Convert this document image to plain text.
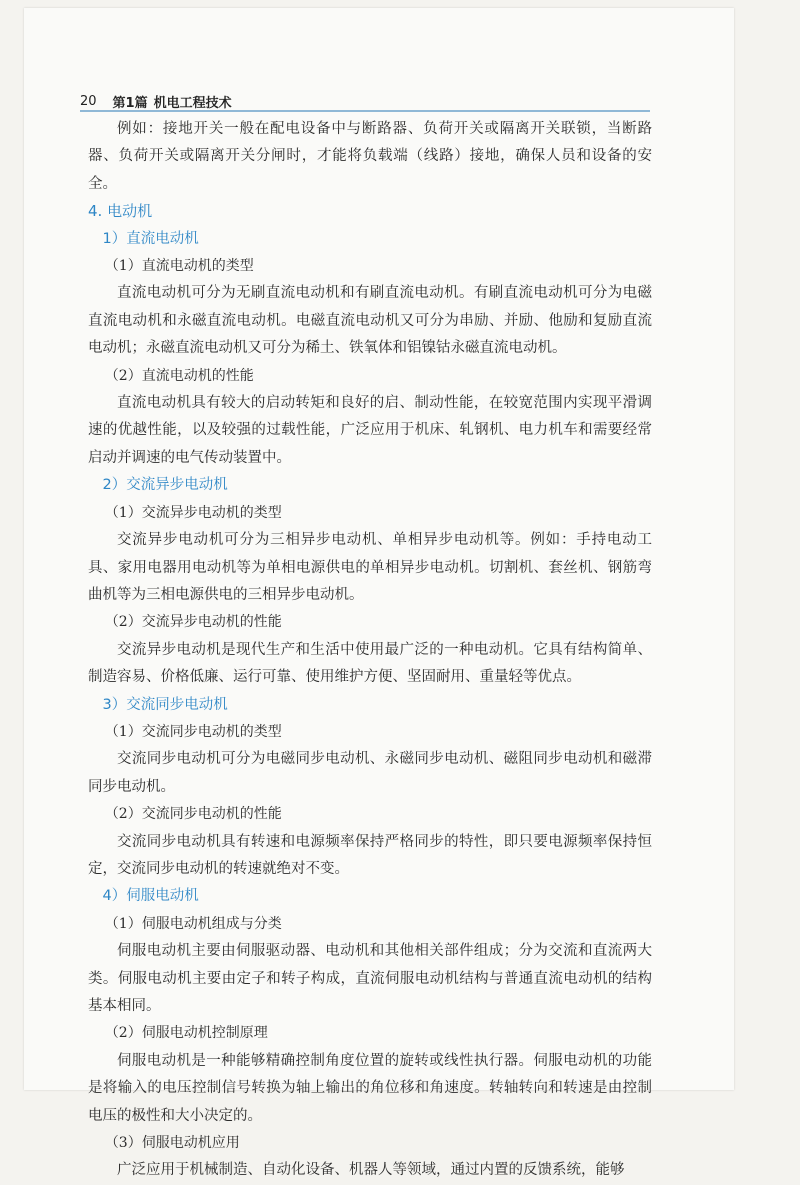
20 第1篇 机电工程技术
例如：接地开关一般在配电设备中与断路器、负荷开关或隔离开关联锁，当断路器、负荷开关或隔离开关分闸时，才能将负载端（线路）接地，确保人员和设备的安全。
4. 电动机
1）直流电动机
（1）直流电动机的类型
直流电动机可分为无刷直流电动机和有刷直流电动机。有刷直流电动机可分为电磁直流电动机和永磁直流电动机。电磁直流电动机又可分为串励、并励、他励和复励直流电动机；永磁直流电动机又可分为稀土、铁氧体和铝镍钴永磁直流电动机。
（2）直流电动机的性能
直流电动机具有较大的启动转矩和良好的启、制动性能，在较宽范围内实现平滑调速的优越性能，以及较强的过载性能，广泛应用于机床、轧钢机、电力机车和需要经常启动并调速的电气传动装置中。
2）交流异步电动机
（1）交流异步电动机的类型
交流异步电动机可分为三相异步电动机、单相异步电动机等。例如：手持电动工具、家用电器用电动机等为单相电源供电的单相异步电动机。切割机、套丝机、钢筋弯曲机等为三相电源供电的三相异步电动机。
（2）交流异步电动机的性能
交流异步电动机是现代生产和生活中使用最广泛的一种电动机。它具有结构简单、制造容易、价格低廉、运行可靠、使用维护方便、坚固耐用、重量轻等优点。
3）交流同步电动机
（1）交流同步电动机的类型
交流同步电动机可分为电磁同步电动机、永磁同步电动机、磁阻同步电动机和磁滞同步电动机。
（2）交流同步电动机的性能
交流同步电动机具有转速和电源频率保持严格同步的特性，即只要电源频率保持恒定，交流同步电动机的转速就绝对不变。
4）伺服电动机
（1）伺服电动机组成与分类
伺服电动机主要由伺服驱动器、电动机和其他相关部件组成；分为交流和直流两大类。伺服电动机主要由定子和转子构成，直流伺服电动机结构与普通直流电动机的结构基本相同。
（2）伺服电动机控制原理
伺服电动机是一种能够精确控制角度位置的旋转或线性执行器。伺服电动机的功能是将输入的电压控制信号转换为轴上输出的角位移和角速度。转轴转向和转速是由控制电压的极性和大小决定的。
（3）伺服电动机应用
广泛应用于机械制造、自动化设备、机器人等领域，通过内置的反馈系统，能够
